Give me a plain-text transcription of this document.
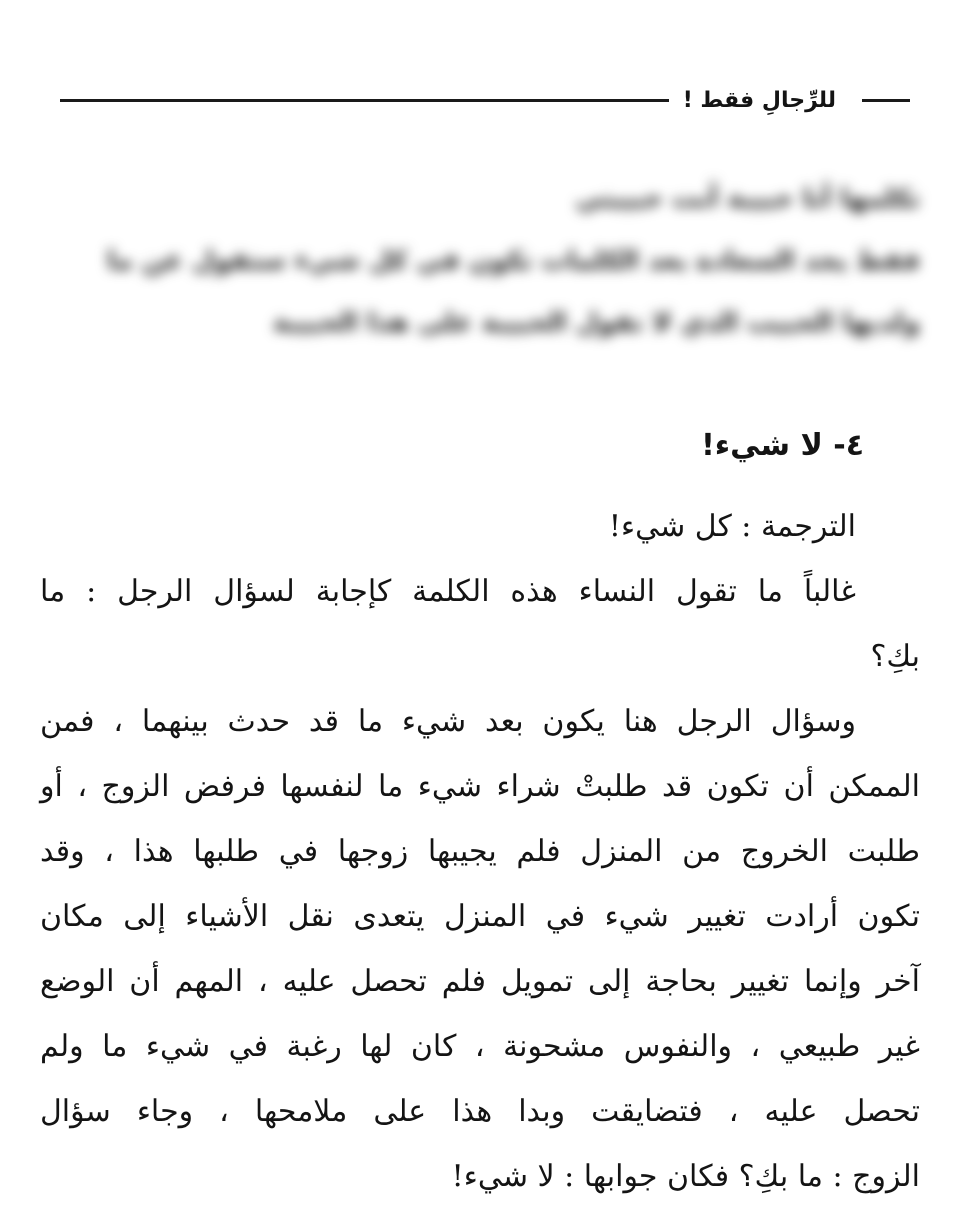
للرِّجالِ فقط !
تكلمها أنا حبيبة أنت حبيبتي
فقط يجد السعادة بعد الكلمات تكون في كل شيء ستقول عن ما
ولديها الحبيب الذي لا تقول الحبيبة على هذا الحبيبة
٤- لا شيء!

الترجمة : كل شيء!

غالباً ما تقول النساء هذه الكلمة كإجابة لسؤال الرجل : ما
بكِ؟

وسؤال الرجل هنا يكون بعد شيء ما قد حدث بينهما ، فمن
الممكن أن تكون قد طلبتْ شراء شيء ما لنفسها فرفض الزوج ، أو
طلبت الخروج من المنزل فلم يجيبها زوجها في طلبها هذا ، وقد
تكون أرادت تغيير شيء في المنزل يتعدى نقل الأشياء إلى مكان
آخر وإنما تغيير بحاجة إلى تمويل فلم تحصل عليه ، المهم أن الوضع
غير طبيعي ، والنفوس مشحونة ، كان لها رغبة في شيء ما ولم
تحصل عليه ، فتضايقت وبدا هذا على ملامحها ، وجاء سؤال
الزوج : ما بكِ؟ فكان جوابها : لا شيء!
